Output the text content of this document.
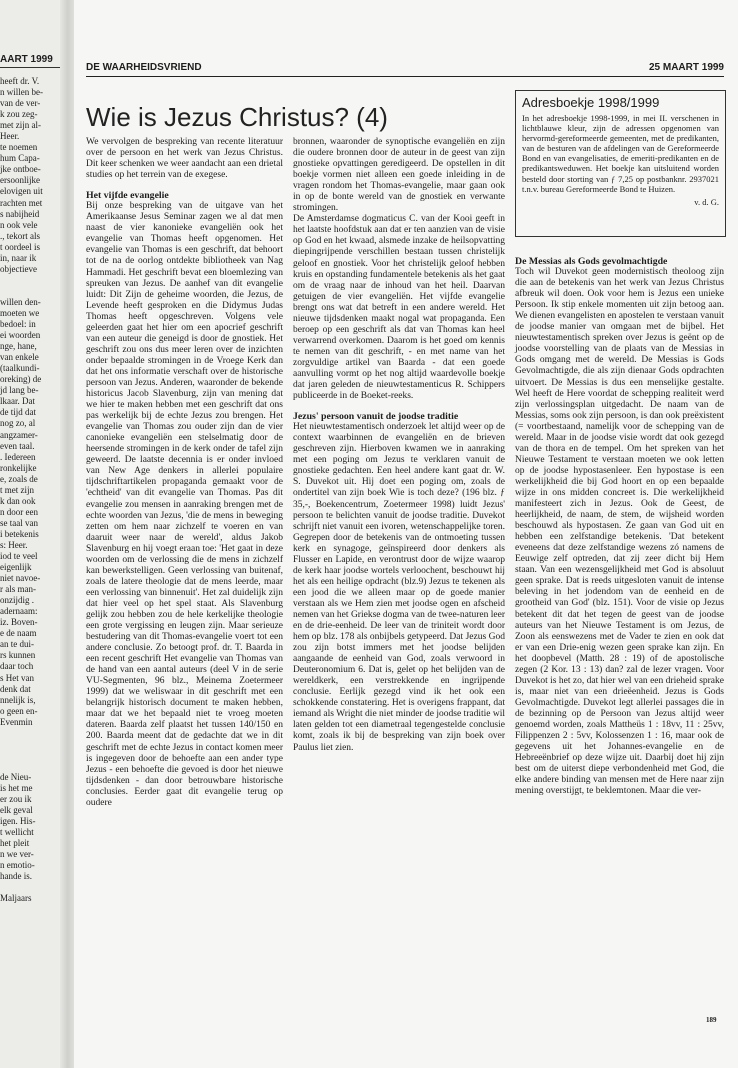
AART 1999
heeft dr. V.
n willen be-
van de ver-
k zou zeg-
met zijn al-
Heer.
te noemen
hum Capa-
jke ontboe-
ersoonlijke
elovigen uit
rachten met
s nabijheid
n ook vele
., tekort als
t oordeel is
in, naar ik
objectieve
willen den-
moeten we
bedoel: in
ei woorden
nge, hane,
van enkele
(taalkundi-
oreking) de
jd lang be-
lkaar. Dat
de tijd dat
nog zo, al
angzamer-
even taal.
. Iedereen
ronkelijke
e, zoals de
t met zijn
k dan ook
n door een
se taal van
i betekenis
s: Heer.
iod te veel
eigenlijk
niet navoe-
r als man-
onzijdig .
adernaam:
iz. Boven-
e de naam
an te dui-
rs kunnen
daar toch
s Het van
denk dat
nnelijk is,
o geen en-
Evenmin
de Nieu-
is het me
er zou ik
elk geval
igen. His-
t wellicht
het pleit
n we ver-
n emotio-
hande is.
Maljaars
DE WAARHEIDSVRIEND	25 MAART 1999
Wie is Jezus Christus? (4)

We vervolgen de bespreking van recente literatuur over de persoon en het werk van Jezus Christus. Dit keer schenken we weer aandacht aan een drietal studies op het terrein van de exegese.

Het vijfde evangelie

Bij onze bespreking van de uitgave van het Amerikaanse Jesus Seminar zagen we al dat men naast de vier kanonieke evangeliën ook het evangelie van Thomas heeft opgenomen. Het evangelie van Thomas is een geschrift, dat behoort tot de na de oorlog ontdekte bibliotheek van Nag Hammadi. Het geschrift bevat een bloemlezing van spreuken van Jezus. De aanhef van dit evangelie luidt: Dit Zijn de geheime woorden, die Jezus, de Levende heeft gesproken en die Didymus Judas Thomas heeft opgeschreven. Volgens vele geleerden gaat het hier om een apocrief geschrift van een auteur die geneigd is door de gnostiek. Het geschrift zou ons dus meer leren over de inzichten onder bepaalde stromingen in de Vroege Kerk dan dat het ons informatie verschaft over de historische persoon van Jezus. Anderen, waaronder de bekende historicus Jacob Slavenburg, zijn van mening dat we hier te maken hebben met een geschrift dat ons pas werkelijk bij de echte Jezus zou brengen. Het evangelie van Thomas zou ouder zijn dan de vier canonieke evangeliën een stelselmatig door de heersende stromingen in de kerk onder de tafel zijn geweerd. De laatste decennia is er onder invloed van New Age denkers in allerlei populaire tijdschriftartikelen propaganda gemaakt voor de 'echtheid' van dit evangelie van Thomas. Pas dit evangelie zou mensen in aanraking brengen met de echte woorden van Jezus, 'die de mens in beweging zetten om hem naar zichzelf te voeren en van daaruit weer naar de wereld', aldus Jakob Slavenburg en hij voegt eraan toe: 'Het gaat in deze woorden om de verlossing die de mens in zichzelf kan bewerkstelligen. Geen verlossing van buitenaf, zoals de latere theologie dat de mens leerde, maar een verlossing van binnenuit'. Het zal duidelijk zijn dat hier veel op het spel staat. Als Slavenburg gelijk zou hebben zou de hele kerkelijke theologie een grote vergissing en leugen zijn. Maar serieuze bestudering van dit Thomas-evangelie voert tot een andere conclusie. Zo betoogt prof. dr. T. Baarda in een recent geschrift Het evangelie van Thomas van de hand van een aantal auteurs (deel V in de serie VU-Segmenten, 96 blz., Meinema Zoetermeer 1999) dat we weliswaar in dit geschrift met een belangrijk historisch document te maken hebben, maar dat we het bepaald niet te vroeg moeten dateren. Baarda zelf plaatst het tussen 140/150 en 200. Baarda meent dat de gedachte dat we in dit geschrift met de echte Jezus in contact komen meer is ingegeven door de behoefte aan een ander type Jezus - een behoefte die gevoed is door het nieuwe tijdsdenken - dan door betrouwbare historische conclusies. Eerder gaat dit evangelie terug op oudere

bronnen, waaronder de synoptische evangeliën en zijn die oudere bronnen door de auteur in de geest van zijn gnostieke opvattingen geredigeerd. De opstellen in dit boekje vormen niet alleen een goede inleiding in de vragen rondom het Thomas-evangelie, maar gaan ook in op de bonte wereld van de gnostiek en verwante stromingen.

De Amsterdamse dogmaticus C. van der Kooi geeft in het laatste hoofdstuk aan dat er ten aanzien van de visie op God en het kwaad, alsmede inzake de heilsopvatting diepingrijpende verschillen bestaan tussen christelijk geloof en gnostiek. Voor het christelijk geloof hebben kruis en opstanding fundamentele betekenis als het gaat om de vraag naar de inhoud van het heil. Daarvan getuigen de vier evangeliën. Het vijfde evangelie brengt ons wat dat betreft in een andere wereld. Het nieuwe tijdsdenken maakt nogal wat propaganda. Een beroep op een geschrift als dat van Thomas kan heel verwarrend overkomen. Daarom is het goed om kennis te nemen van dit geschrift, - en met name van het zorgvuldige artikel van Baarda - dat een goede aanvulling vormt op het nog altijd waardevolle boekje dat jaren geleden de nieuwtestamenticus R. Schippers publiceerde in de Boeket-reeks.

Jezus' persoon vanuit de joodse traditie

Het nieuwtestamentisch onderzoek let altijd weer op de context waarbinnen de evangeliën en de brieven geschreven zijn. Hierboven kwamen we in aanraking met een poging om Jezus te verklaren vanuit de gnostieke gedachten. Een heel andere kant gaat dr. W. S. Duvekot uit. Hij doet een poging om, zoals de ondertitel van zijn boek Wie is toch deze? (196 blz. ƒ 35,-, Boekencentrum, Zoetermeer 1998) luidt Jezus' persoon te belichten vanuit de joodse traditie. Duvekot schrijft niet vanuit een ivoren, wetenschappelijke toren. Gegrepen door de betekenis van de ontmoeting tussen kerk en synagoge, geïnspireerd door denkers als Flusser en Lapide, en verontrust door de wijze waarop de kerk haar joodse wortels verloochent, beschouwt hij het als een heilige opdracht (blz.9) Jezus te tekenen als een jood die we alleen maar op de goede manier verstaan als we Hem zien met joodse ogen en afscheid nemen van het Griekse dogma van de twee-naturen leer en de drie-eenheid. De leer van de triniteit wordt door hem op blz. 178 als onbijbels getypeerd. Dat Jezus God zou zijn botst immers met het joodse belijden aangaande de eenheid van God, zoals verwoord in Deuteronomium 6. Dat is, gelet op het belijden van de wereldkerk, een verstrekkende en ingrijpende conclusie. Eerlijk gezegd vind ik het ook een schokkende constatering. Het is overigens frappant, dat iemand als Wright die niet minder de joodse traditie wil laten gelden tot een diametraal tegengestelde conclusie komt, zoals ik bij de bespreking van zijn boek over Paulus liet zien.

Adresboekje 1998/1999
In het adresboekje 1998-1999, in mei II. verschenen in lichtblauwe kleur, zijn de adressen opgenomen van hervormd-gereformeerde gemeenten, met de predikanten, van de besturen van de afdelingen van de Gereformeerde Bond en van evangelisaties, de emeriti-predikanten en de predikantsweduwen. Het boekje kan uitsluitend worden besteld door storting van ƒ 7,25 op postbanknr. 2937021 t.n.v. bureau Gereformeerde Bond te Huizen.
v. d. G.
De Messias als Gods gevolmachtigde

Toch wil Duvekot geen modernistisch theoloog zijn die aan de betekenis van het werk van Jezus Christus afbreuk wil doen. Ook voor hem is Jezus een unieke Persoon. Ik stip enkele momenten uit zijn betoog aan. We dienen evangelisten en apostelen te verstaan vanuit de joodse manier van omgaan met de bijbel. Het nieuwtestamentisch spreken over Jezus is geënt op de joodse voorstelling van de plaats van de Messias in Gods omgang met de wereld. De Messias is Gods Gevolmachtigde, die als zijn dienaar Gods opdrachten uitvoert. De Messias is dus een menselijke gestalte. Wel heeft de Here voordat de schepping realiteit werd zijn verlossingsplan uitgedacht. De naam van de Messias, soms ook zijn persoon, is dan ook preëxistent (= voortbestaand, namelijk voor de schepping van de wereld. Maar in de joodse visie wordt dat ook gezegd van de thora en de tempel. Om het spreken van het Nieuwe Testament te verstaan moeten we ook letten op de joodse hypostasenleer. Een hypostase is een werkelijkheid die bij God hoort en op een bepaalde wijze in ons midden concreet is. Die werkelijkheid manifesteert zich in Jezus. Ook de Geest, de heerlijkheid, de naam, de stem, de wijsheid worden beschouwd als hypostasen. Ze gaan van God uit en hebben een zelfstandige betekenis. 'Dat betekent eveneens dat deze zelfstandige wezens zó namens de Eeuwige zelf optreden, dat zij zeer dicht bij Hem staan. Van een wezensgelijkheid met God is absoluut geen sprake. Dat is reeds uitgesloten vanuit de intense beleving in het jodendom van de eenheid en de grootheid van God' (blz. 151). Voor de visie op Jezus betekent dit dat het tegen de geest van de joodse auteurs van het Nieuwe Testament is om Jezus, de Zoon als eenswezens met de Vader te zien en ook dat er van een Drie-enig wezen geen sprake kan zijn. En het doopbevel (Matth. 28 : 19) of de apostolische zegen (2 Kor. 13 : 13) dan? zal de lezer vragen. Voor Duvekot is het zo, dat hier wel van een drieheid sprake is, maar niet van een drieëenheid. Jezus is Gods Gevolmachtigde. Duvekot legt allerlei passages die in de bezinning op de Persoon van Jezus altijd weer genoemd worden, zoals Mattheüs 1 : 18vv, 11 : 25vv, Filippenzen 2 : 5vv, Kolossenzen 1 : 16, maar ook de gegevens uit het Johannes-evangelie en de Hebreeënbrief op deze wijze uit. Daarbij doet hij zijn best om de uiterst diepe verbondenheid met God, die elke andere binding van mensen met de Here naar zijn mening overstijgt, te beklemtonen. Maar die ver-

189
